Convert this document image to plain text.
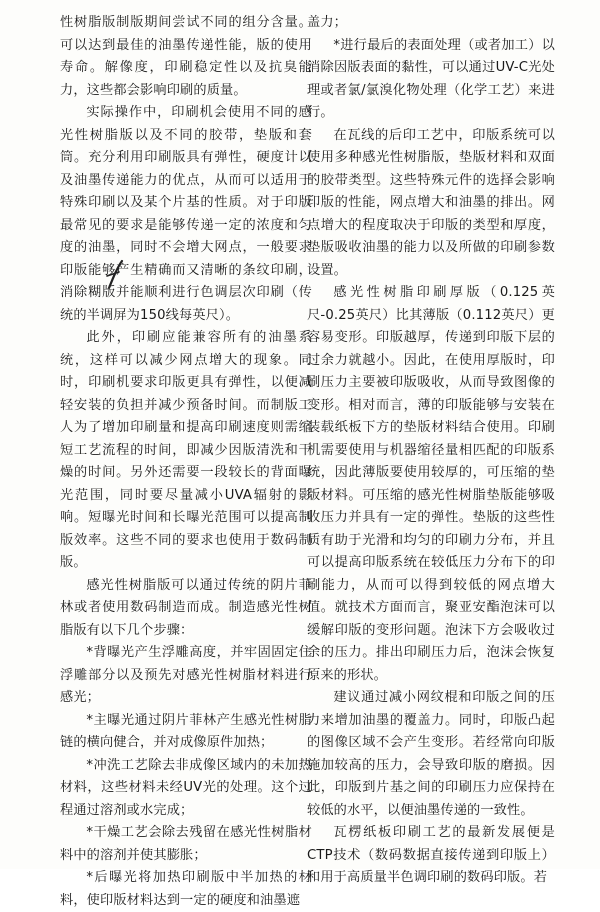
性树脂版制版期间尝试不同的组分含量。可以达到最佳的油墨传递性能，版的使用寿命。解像度，印刷稳定性以及抗臭能力，这些都会影响印刷的质量。

实际操作中，印刷机会使用不同的感光性树脂版以及不同的胶带，垫版和套筒。充分利用印刷版具有弹性，硬度计以及油墨传递能力的优点，从而可以适用于特殊印刷以及某个片基的性质。对于印版最常见的要求是能够传递一定的浓度和匀度的油墨，同时不会增大网点，一般要求印版能够产生精确而又清晰的条纹印刷，消除糊版并能顺利进行色调层次印刷（传统的半调屏为150线每英尺）。

此外，印刷应能兼容所有的油墨系统，这样可以减少网点增大的现象。同时，印刷机要求印版更具有弹性，以便减轻安装的负担并减少预备时间。而制版工人为了增加印刷量和提高印刷速度则需缩短工艺流程的时间，即减少因版清洗和干燥的时间。另外还需要一段较长的背面曝光范围，同时要尽量减小UVA辐射的影响。短曝光时间和长曝光范围可以提高制版效率。这些不同的要求也使用于数码制版。

感光性树脂版可以通过传统的阴片菲林或者使用数码制造而成。制造感光性树脂版有以下几个步骤：

*背曝光产生浮雕高度，并牢固固定住浮雕部分以及预先对感光性树脂材料进行感光；

*主曝光通过阴片菲林产生感光性树脂链的横向健合，并对成像原件加热；

*冲洗工艺除去非成像区域内的未加热材料，这些材料未经UV光的处理。这个过程通过溶剂或水完成；

*干燥工艺会除去残留在感光性树脂材料中的溶剂并使其膨胀；

*后曝光将加热印刷版中半加热的材料，使印版材料达到一定的硬度和油墨遮

盖力；

*进行最后的表面处理（或者加工）以消除因版表面的黏性，可以通过UV-C光处理或者氯/氯溴化物处理（化学工艺）来进行。

在瓦线的后印工艺中，印版系统可以使用多种感光性树脂版，垫版材料和双面的胶带类型。这些特殊元件的选择会影响印版的性能，网点增大和油墨的排出。网点增大的程度取决于印版的类型和厚度，垫版吸收油墨的能力以及所做的印刷参数设置。

感光性树脂印刷厚版（0.125英尺-0.25英尺）比其薄版（0.112英尺）更容易变形。印版越厚，传递到印版下层的过余力就越小。因此，在使用厚版时，印刷压力主要被印版吸收，从而导致图像的变形。相对而言，薄的印版能够与安装在装载纸板下方的垫版材料结合使用。印刷机需要使用与机器缩径量相匹配的印版系统，因此薄版要使用较厚的，可压缩的垫版材料。可压缩的感光性树脂垫版能够吸收压力并具有一定的弹性。垫版的这些性质有助于光滑和均匀的印刷力分布，并且可以提高印版系统在较低压力分布下的印刷能力，从而可以得到较低的网点增大值。就技术方面而言，聚亚安酯泡沫可以缓解印版的变形问题。泡沫下方会吸收过余的压力。排出印刷压力后，泡沫会恢复原来的形状。

建议通过减小网纹棍和印版之间的压力来增加油墨的覆盖力。同时，印版凸起的图像区域不会产生变形。若经常向印版施加较高的压力，会导致印版的磨损。因此，印版到片基之间的印刷压力应保持在较低的水平，以便油墨传递的一致性。

瓦楞纸板印刷工艺的最新发展便是CTP技术（数码数据直接传递到印版上）和用于高质量半色调印刷的数码印版。若
